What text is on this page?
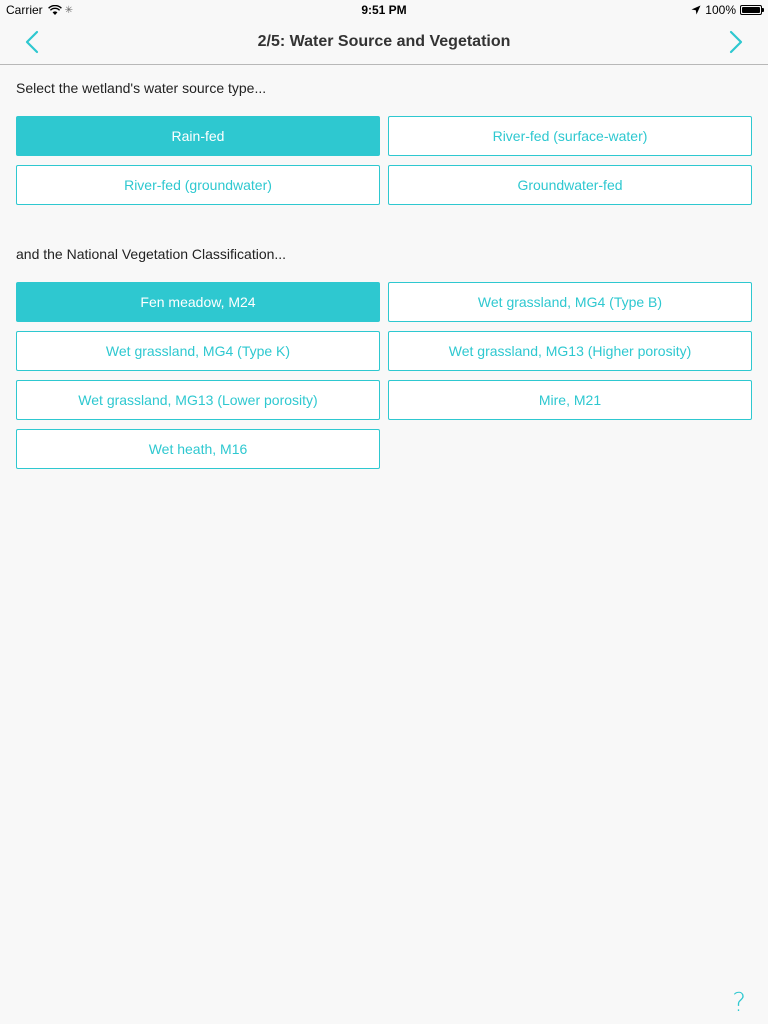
Carrier ✳	9:51 PM	100%
2/5: Water Source and Vegetation
Select the wetland's water source type...
Rain-fed	River-fed (surface-water)
River-fed (groundwater)	Groundwater-fed
and the National Vegetation Classification...
Fen meadow, M24	Wet grassland, MG4 (Type B)
Wet grassland, MG4 (Type K)	Wet grassland, MG13 (Higher porosity)
Wet grassland, MG13 (Lower porosity)	Mire, M21
Wet heath, M16
?
